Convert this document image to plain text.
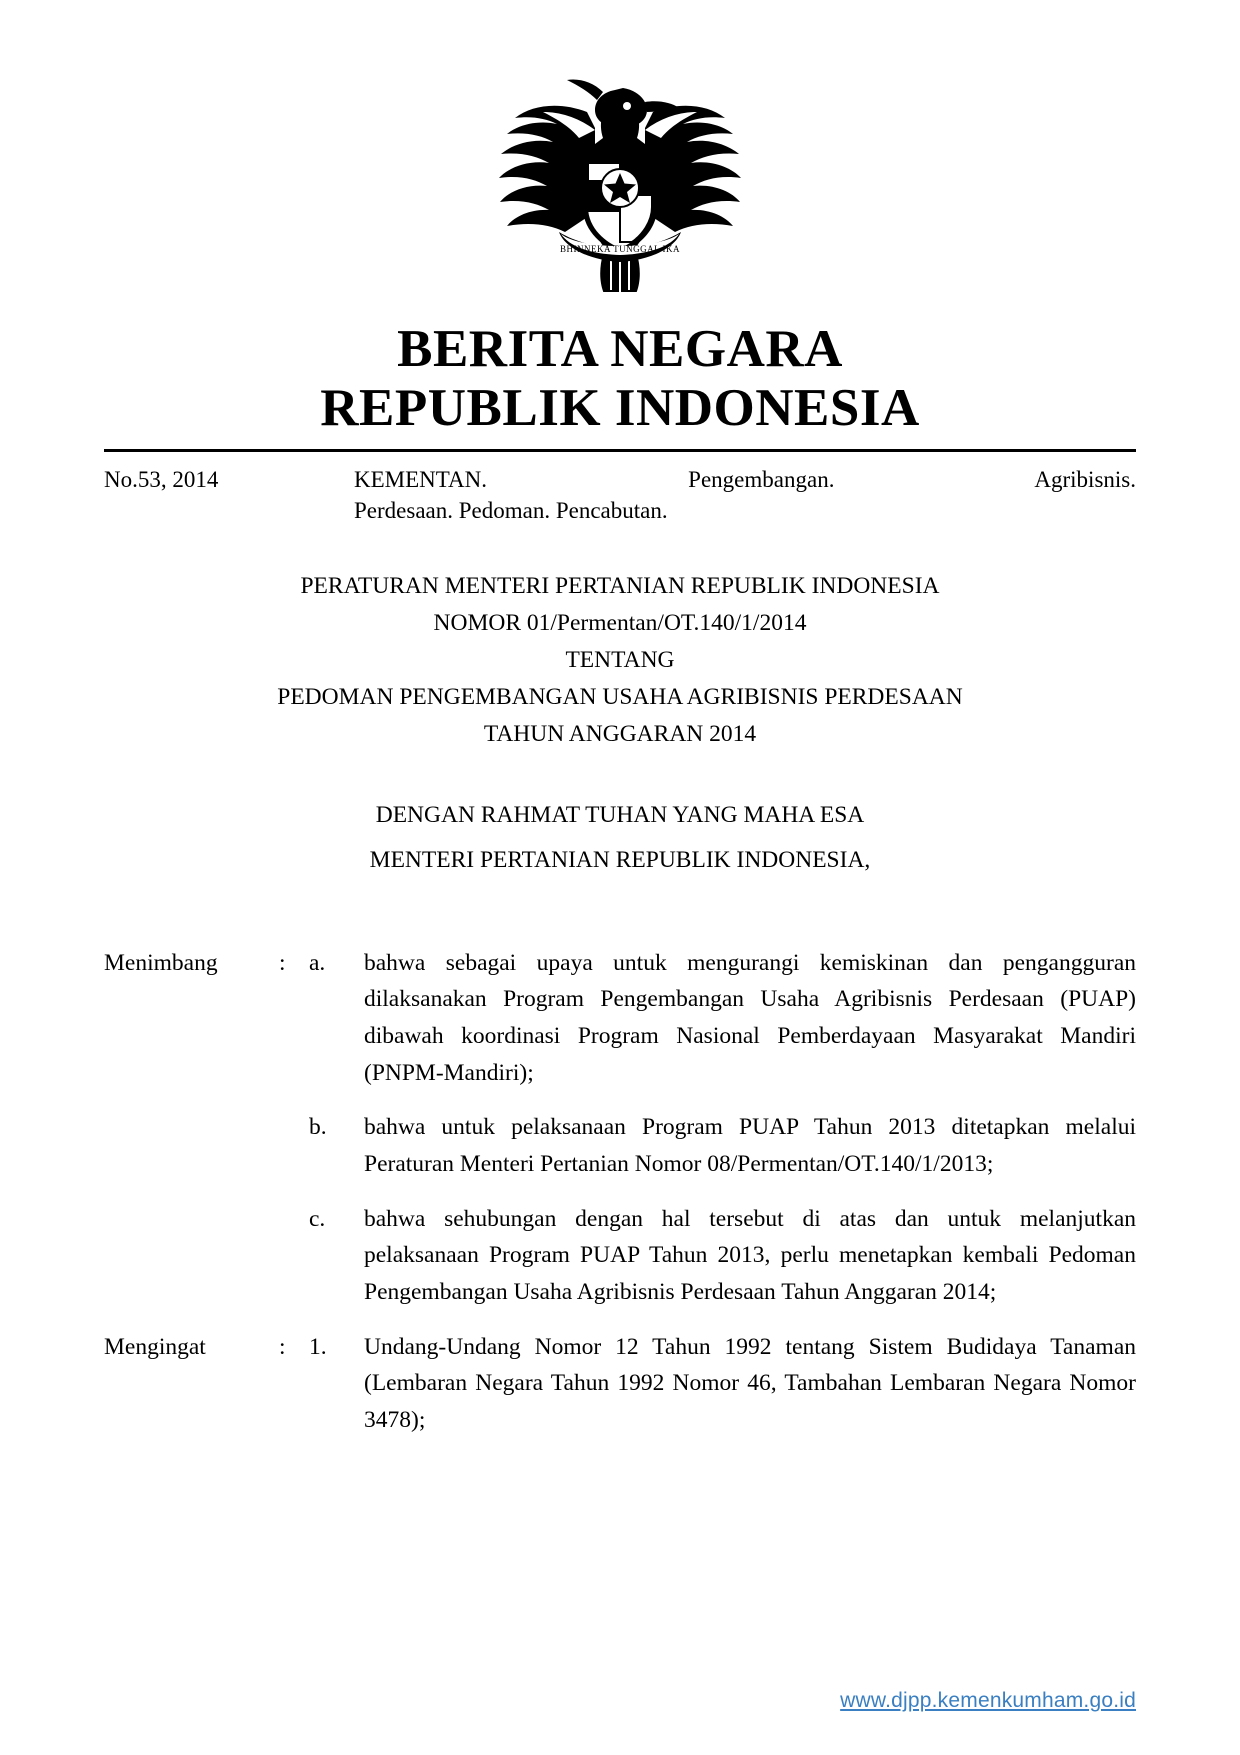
BHINNEKA TUNGGAL IKA
BERITA NEGARA
REPUBLIK INDONESIA
No.53, 2014	KEMENTAN. Pengembangan. Agribisnis.
Perdesaan. Pedoman. Pencabutan.
PERATURAN MENTERI PERTANIAN REPUBLIK INDONESIA
NOMOR 01/Permentan/OT.140/1/2014
TENTANG
PEDOMAN PENGEMBANGAN USAHA AGRIBISNIS PERDESAAN
TAHUN ANGGARAN 2014
DENGAN RAHMAT TUHAN YANG MAHA ESA
MENTERI PERTANIAN REPUBLIK INDONESIA,
Menimbang	: a.	bahwa sebagai upaya untuk mengurangi kemiskinan dan pengangguran dilaksanakan Program Pengembangan Usaha Agribisnis Perdesaan (PUAP) dibawah koordinasi Program Nasional Pemberdayaan Masyarakat Mandiri (PNPM-Mandiri);
b.	bahwa untuk pelaksanaan Program PUAP Tahun 2013 ditetapkan melalui Peraturan Menteri Pertanian Nomor 08/Permentan/OT.140/1/2013;
c.	bahwa sehubungan dengan hal tersebut di atas dan untuk melanjutkan pelaksanaan Program PUAP Tahun 2013, perlu menetapkan kembali Pedoman Pengembangan Usaha Agribisnis Perdesaan Tahun Anggaran 2014;
Mengingat	: 1.	Undang-Undang Nomor 12 Tahun 1992 tentang Sistem Budidaya Tanaman (Lembaran Negara Tahun 1992 Nomor 46, Tambahan Lembaran Negara Nomor 3478);
www.djpp.kemenkumham.go.id
